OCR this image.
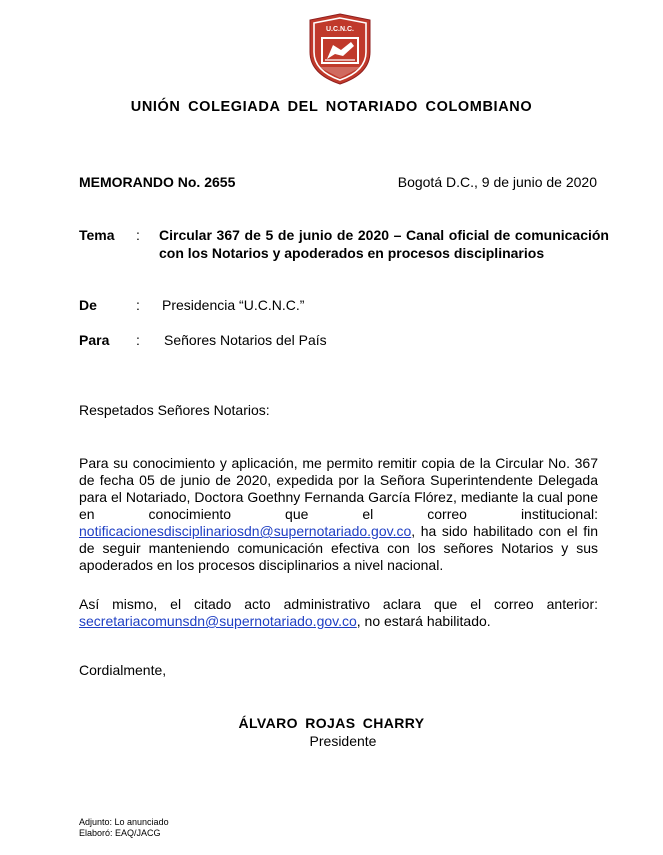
U.C.N.C.
UNIÓN COLEGIADA DEL NOTARIADO COLOMBIANO
MEMORANDO No. 2655	Bogotá D.C., 9 de junio de 2020
Tema : Circular 367 de 5 de junio de 2020 – Canal oficial de comunicación con los Notarios y apoderados en procesos disciplinarios
De	: Presidencia “U.C.N.C.”
Para : Señores Notarios del País
Respetados Señores Notarios:
Para su conocimiento y aplicación, me permito remitir copia de la Circular No. 367 de fecha 05 de junio de 2020, expedida por la Señora Superintendente Delegada para el Notariado, Doctora Goethny Fernanda García Flórez, mediante la cual pone en conocimiento que el correo institucional: notificacionesdisciplinariosdn@supernotariado.gov.co, ha sido habilitado con el fin de seguir manteniendo comunicación efectiva con los señores Notarios y sus apoderados en los procesos disciplinarios a nivel nacional.
Así mismo, el citado acto administrativo aclara que el correo anterior: secretariacomunsdn@supernotariado.gov.co, no estará habilitado.
Cordialmente,
ÁLVARO ROJAS CHARRY
Presidente
Adjunto: Lo anunciado
Elaboró: EAQ/JACG
